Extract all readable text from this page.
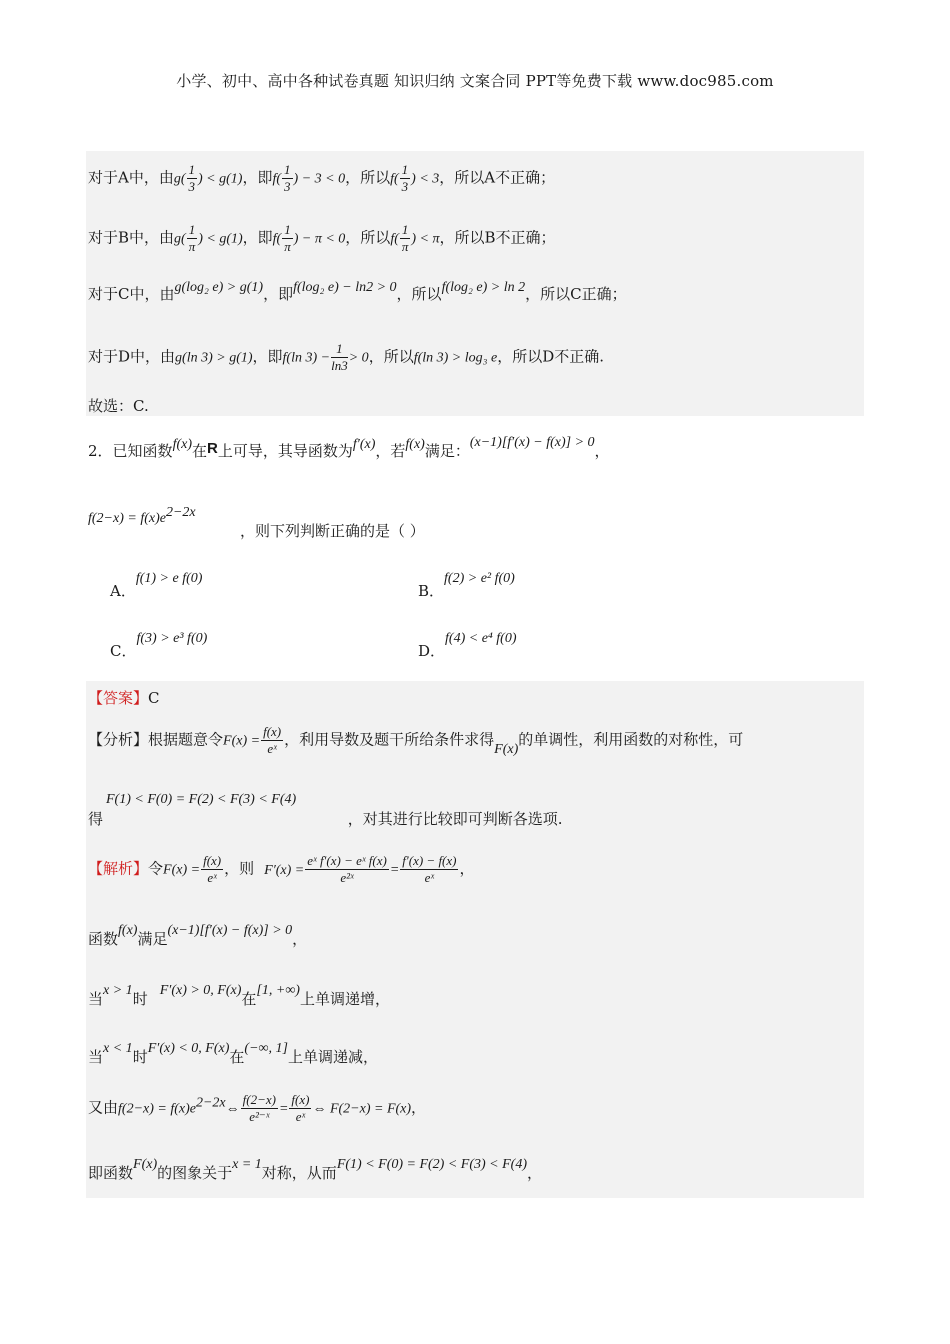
小学、初中、高中各种试卷真题 知识归纳 文案合同 PPT等免费下载 www.doc985.com
对于A中，由$g( \frac{1}{3}$ ) < g(1)，即$f( \frac{1}{3}$ ) − 3 < 0，所以$f( \frac{1}{3}$ ) < 3，所以A不正确；
对于B中，由$g( \frac{1}{\pi}$ ) < g(1)，即$f( \frac{1}{\pi}$ ) − π < 0，所以$f( \frac{1}{\pi}$ ) < π，所以B不正确；
对于C中，由g(log₂ e) > g(1)，即f(log₂ e) − ln2 > 0，所以f(log₂ e) > ln 2，所以C正确；
对于D中，由g(ln 3) > g(1)，即f(ln $3) - \frac{1}{\ln 3} > 0$，所以f(ln 3) > log₃ e，所以D不正确.
故选：C.
2．已知函数f(x)在R上可导，其导函数为f′(x)，若f(x)满足：(x−1)[f′(x) − f(x)] > 0，
$f(2-x) = f(x)e^{2-2x}$
，则下列判断正确的是（ ）
A．f(1) > e f(0)
B．f(2) > e² f(0)
C．f(3) > e³ f(0)
D．f(4) < e⁴ f(0)
【答案】C
【分析】根据题意令$F(x) = \frac{f(x)}{\text{eˣ}}$ ，利用导数及题干所给条件求得F(x)的单调性，利用函数的对称性，可
F(1) < F(0) = F(2) < F(3) < F(4)
得	，对其进行比较即可判断各选项.
【解析】令$F(x) = \frac{f(x)}{\text{eˣ}}$ ，则 $F'(x) = \frac{\text{eˣ f′(x) − eˣ f(x)}}{\text{e²ˣ}} = \frac{f'(x) - f(x)}{\text{eˣ}}$ ，
函数f(x)满足(x−1)[f′(x) − f(x)] > 0，
当x > 1时 F′(x) > 0, F(x)在[1, +∞)上单调递增，
当x < 1时F′(x) < 0, F(x)在(−∞, 1]上单调递减，
又由$f(2-x) = f(x)e^{2-2x}\Leftrightarrow \frac{f(2-x)}{\text{e²⁻ˣ}} = \frac{f(x)}{\text{eˣ}}$ ⇔ F(2−x) = F(x)，
即函数F(x)的图象关于x = 1对称，从而F(1) < F(0) = F(2) < F(3) < F(4)，
